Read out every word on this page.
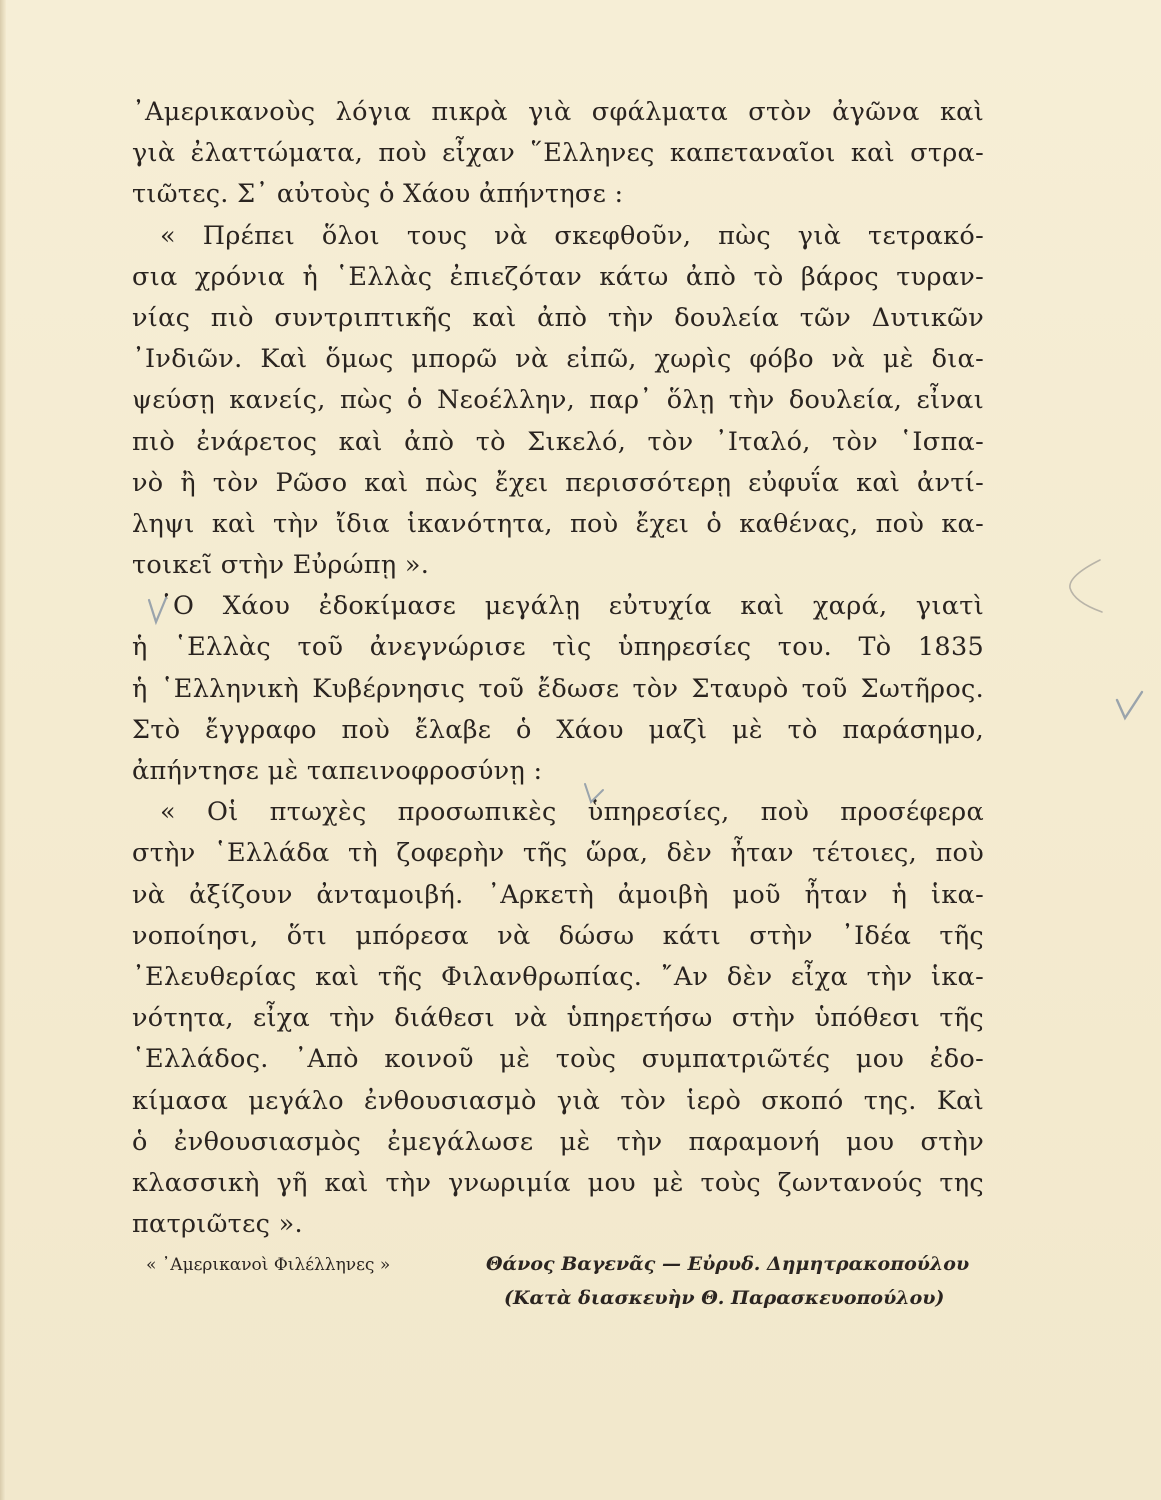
᾿Αμερικανοὺς λόγια πικρὰ γιὰ σφάλματα στὸν ἀγῶνα καὶ
γιὰ ἐλαττώματα, ποὺ εἶχαν ῞Ελληνες καπεταναῖοι καὶ στρα-
τιῶτες. Σ᾿ αὐτοὺς ὁ Χάου ἀπήντησε :
« Πρέπει ὅλοι τους νὰ σκεφθοῦν, πὼς γιὰ τετρακό-
σια χρόνια ἡ ῾Ελλὰς ἐπιεζόταν κάτω ἀπὸ τὸ βάρος τυραν-
νίας πιὸ συντριπτικῆς καὶ ἀπὸ τὴν δουλεία τῶν Δυτικῶν
᾿Ινδιῶν. Καὶ ὅμως μπορῶ νὰ εἰπῶ, χωρὶς φόβο νὰ μὲ δια-
ψεύσῃ κανείς, πὼς ὁ Νεοέλλην, παρ᾿ ὅλῃ τὴν δουλεία, εἶναι
πιὸ ἐνάρετος καὶ ἀπὸ τὸ Σικελό, τὸν ᾿Ιταλό, τὸν ῾Ισπα-
νὸ ἢ τὸν Ρῶσο καὶ πὼς ἔχει περισσότερῃ εὐφυΐα καὶ ἀντί-
ληψι καὶ τὴν ἴδια ἱκανότητα, ποὺ ἔχει ὁ καθένας, ποὺ κα-
τοικεῖ στὴν Εὐρώπῃ ».
῾Ο Χάου ἐδοκίμασε μεγάλῃ εὐτυχία καὶ χαρά, γιατὶ
ἡ ῾Ελλὰς τοῦ ἀνεγνώρισε τὶς ὑπηρεσίες του. Τὸ 1835
ἡ ῾Ελληνικὴ Κυβέρνησις τοῦ ἔδωσε τὸν Σταυρὸ τοῦ Σωτῆρος.
Στὸ ἔγγραφο ποὺ ἔλαβε ὁ Χάου μαζὶ μὲ τὸ παράσημο,
ἀπήντησε μὲ ταπεινοφροσύνῃ :
« Οἱ πτωχὲς προσωπικὲς ὑπηρεσίες, ποὺ προσέφερα
στὴν ῾Ελλάδα τὴ ζοφερὴν τῆς ὥρα, δὲν ἦταν τέτοιες, ποὺ
νὰ ἀξίζουν ἀνταμοιβή. ᾿Αρκετὴ ἀμοιβὴ μοῦ ἦταν ἡ ἱκα-
νοποίησι, ὅτι μπόρεσα νὰ δώσω κάτι στὴν ᾿Ιδέα τῆς
᾿Ελευθερίας καὶ τῆς Φιλανθρωπίας. ῎Αν δὲν εἶχα τὴν ἱκα-
νότητα, εἶχα τὴν διάθεσι νὰ ὑπηρετήσω στὴν ὑπόθεσι τῆς
῾Ελλάδος. ᾿Απὸ κοινοῦ μὲ τοὺς συμπατριῶτές μου ἐδο-
κίμασα μεγάλο ἐνθουσιασμὸ γιὰ τὸν ἱερὸ σκοπό της. Καὶ
ὁ ἐνθουσιασμὸς ἐμεγάλωσε μὲ τὴν παραμονή μου στὴν
κλασσικὴ γῆ καὶ τὴν γνωριμία μου μὲ τοὺς ζωντανούς της
πατριῶτες ».
« ᾿Αμερικανοὶ Φιλέλληνες »	Θάνος Βαγενᾶς — Εὐρυδ. Δημητρακοπούλου
(Κατὰ διασκευὴν Θ. Παρασκευοπούλου)
